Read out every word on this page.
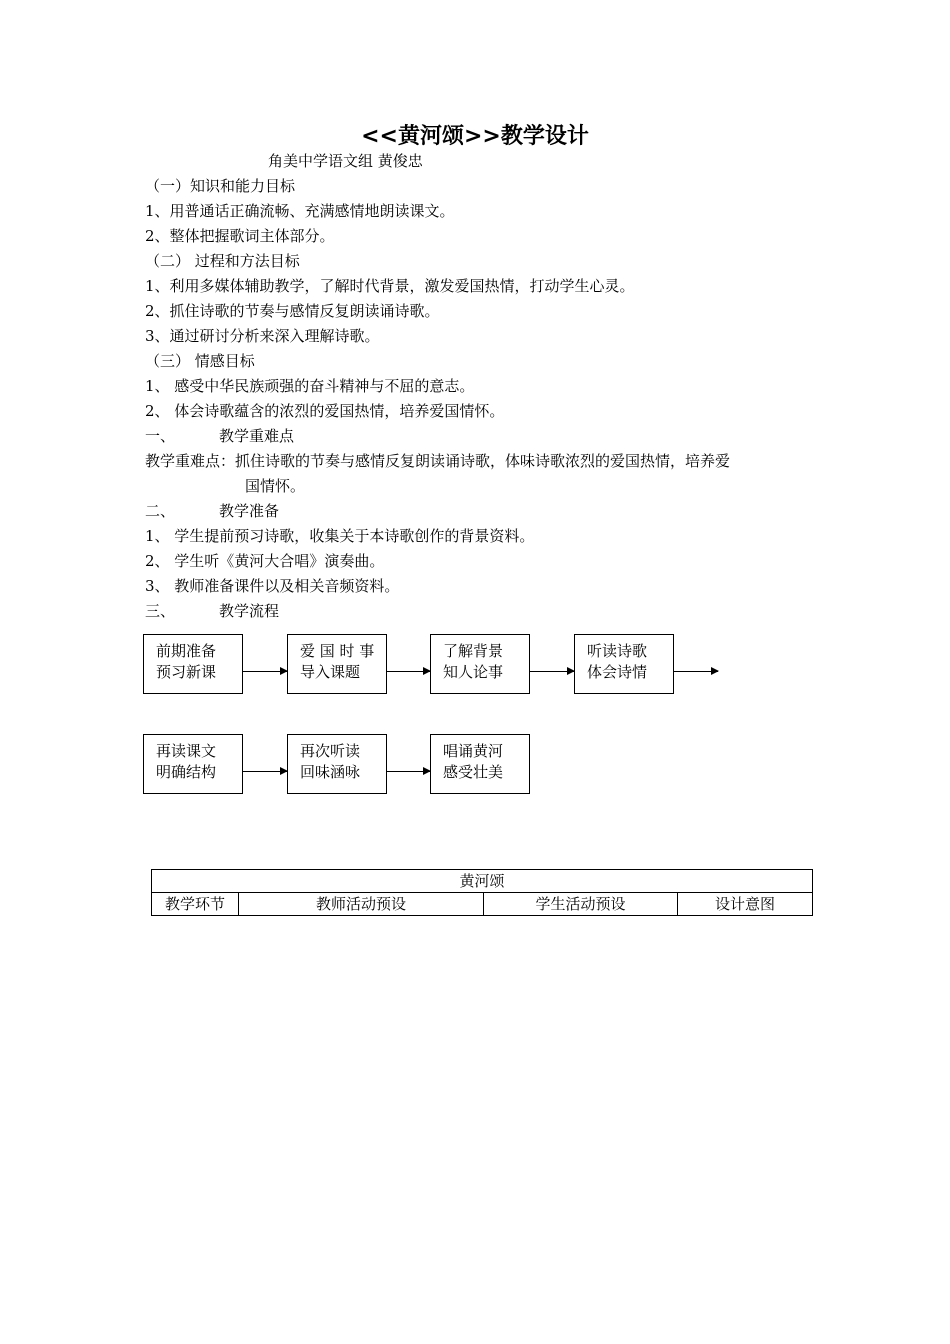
<<黄河颂>>教学设计
角美中学语文组 黄俊忠
（一）知识和能力目标
1、用普通话正确流畅、充满感情地朗读课文。
2、整体把握歌词主体部分。
（二） 过程和方法目标
1、利用多媒体辅助教学，了解时代背景，激发爱国热情，打动学生心灵。
2、抓住诗歌的节奏与感情反复朗读诵诗歌。
3、通过研讨分析来深入理解诗歌。
（三） 情感目标
1、 感受中华民族顽强的奋斗精神与不屈的意志。
2、 体会诗歌蕴含的浓烈的爱国热情，培养爱国情怀。
一、	教学重难点
教学重难点：抓住诗歌的节奏与感情反复朗读诵诗歌，体味诗歌浓烈的爱国热情，培养爱
国情怀。
二、	教学准备
1、 学生提前预习诗歌，收集关于本诗歌创作的背景资料。
2、 学生听《黄河大合唱》演奏曲。
3、 教师准备课件以及相关音频资料。
三、	教学流程
前期准备
预习新课
爱 国 时 事
导入课题
了解背景
知人论事
听读诗歌
体会诗情
再读课文
明确结构
再次听读
回味涵咏
唱诵黄河
感受壮美
黄河颂
教学环节	教师活动预设	学生活动预设	设计意图
